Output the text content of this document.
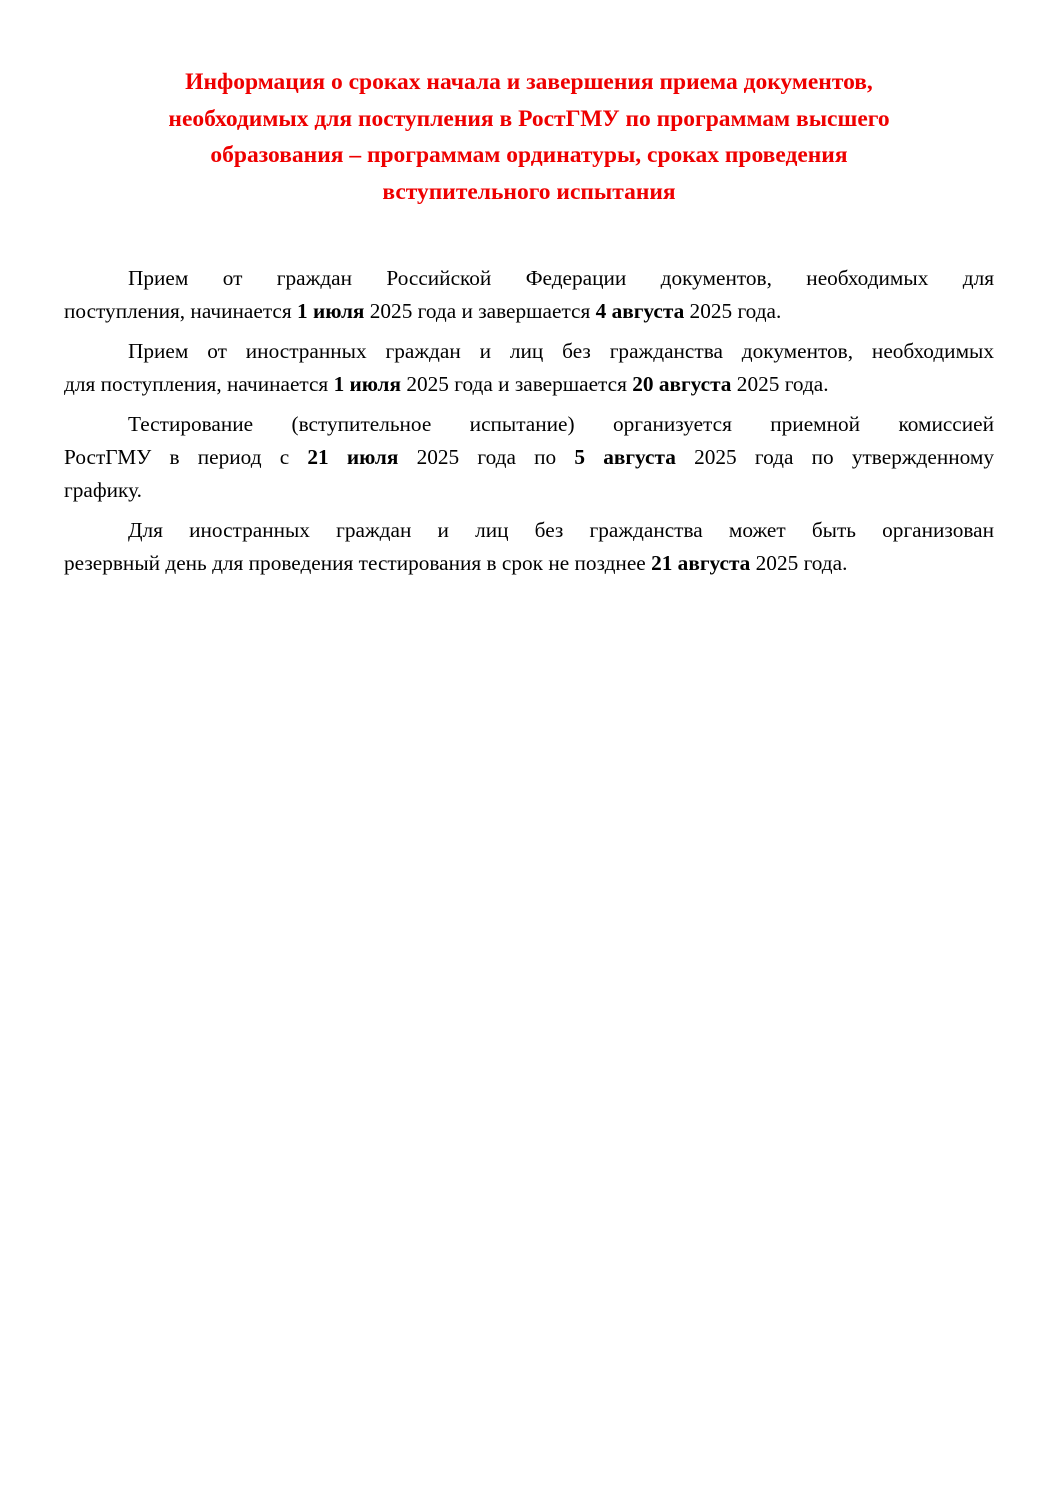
Информация о сроках начала и завершения приема документов,
необходимых для поступления в РостГМУ по программам высшего
образования – программам ординатуры, сроках проведения
вступительного испытания
Прием от граждан Российской Федерации документов, необходимых для
поступления, начинается 1 июля 2025 года и завершается 4 августа 2025 года.
Прием от иностранных граждан и лиц без гражданства документов, необходимых
для поступления, начинается 1 июля 2025 года и завершается 20 августа 2025 года.
Тестирование (вступительное испытание) организуется приемной комиссией
РостГМУ в период с 21 июля 2025 года по 5 августа 2025 года по утвержденному
графику.
Для иностранных граждан и лиц без гражданства может быть организован
резервный день для проведения тестирования в срок не позднее 21 августа 2025 года.
